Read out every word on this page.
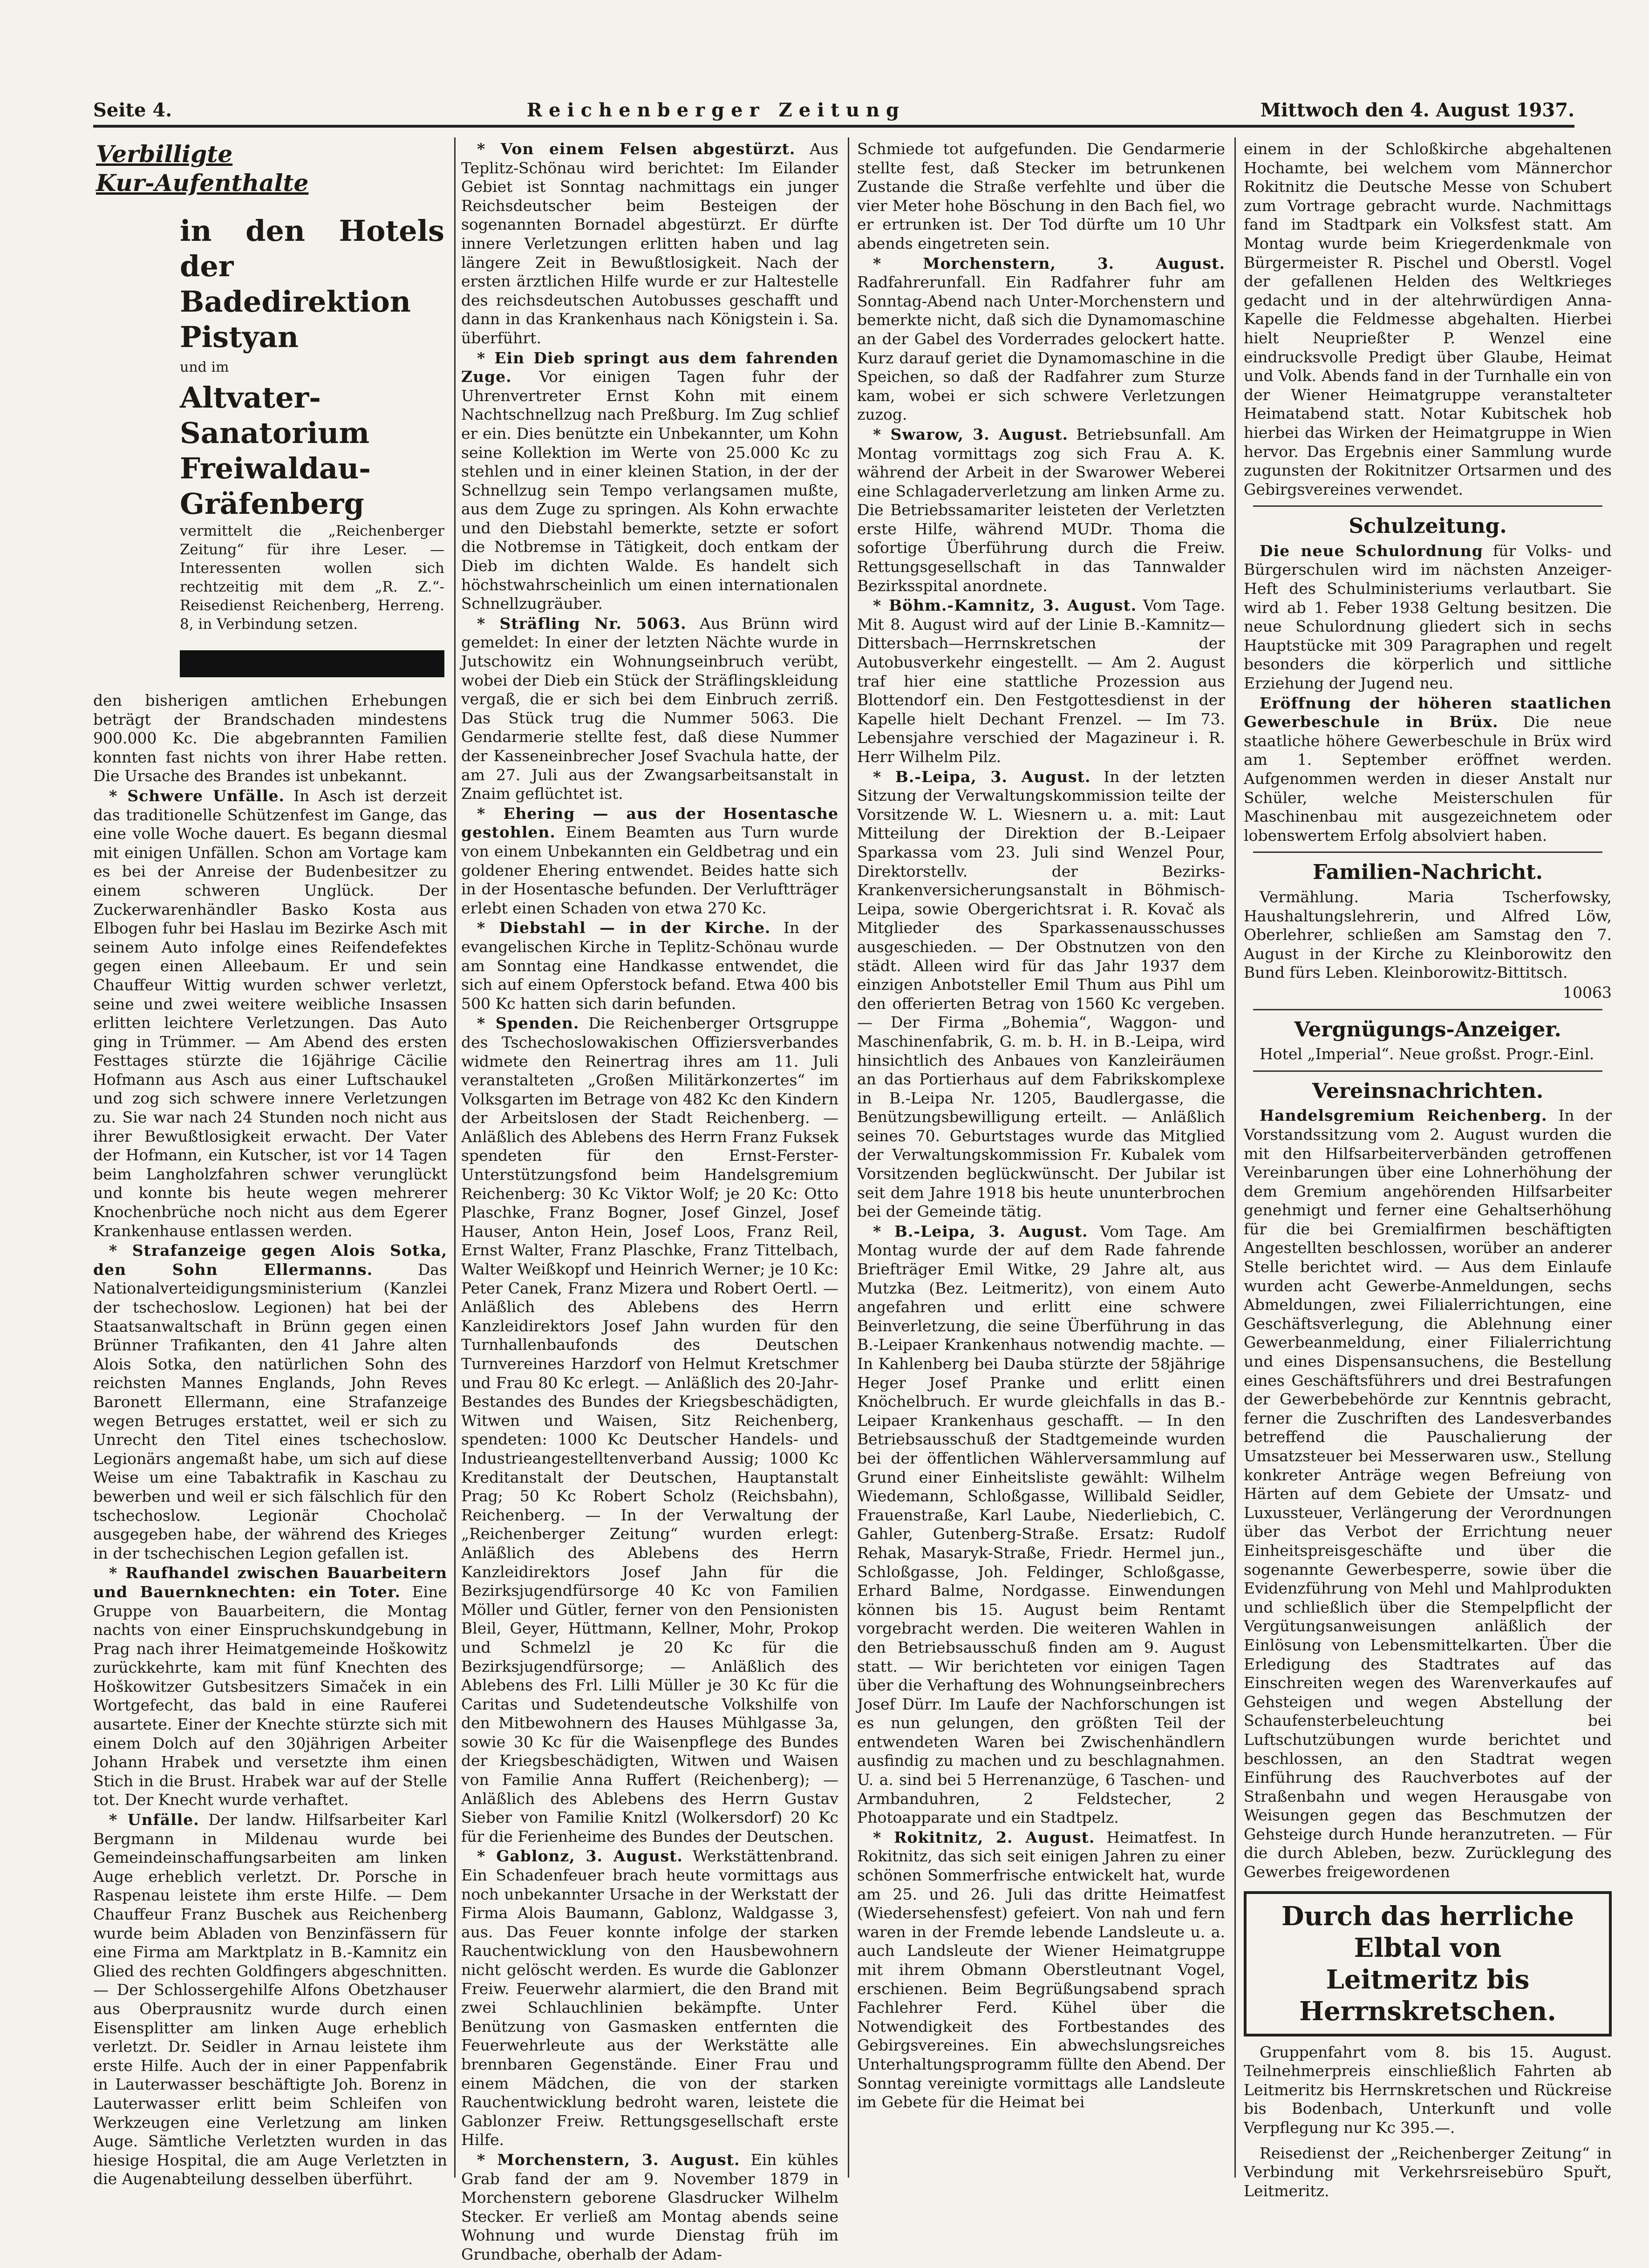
Seite 4.	Reichenberger Zeitung	Mittwoch den 4. August 1937.
Verbilligte
Kur-Aufenthalte
in den Hotels der
Badedirektion Pistyan
und im
Altvater-Sanatorium
Freiwaldau-Gräfenberg
vermittelt die „Reichenberger Zeitung“ für ihre Leser. — Interessenten wollen sich rechtzeitig mit dem „R. Z.“-Reisedienst Reichenberg, Herreng. 8, in Verbindung setzen.
den bisherigen amtlichen Erhebungen beträgt der Brandschaden mindestens 900.000 Kc. Die abgebrannten Familien konnten fast nichts von ihrer Habe retten. Die Ursache des Brandes ist unbekannt.
* Schwere Unfälle. In Asch ist derzeit das traditionelle Schützenfest im Gange, das eine volle Woche dauert. Es begann diesmal mit einigen Unfällen. Schon am Vortage kam es bei der Anreise der Budenbesitzer zu einem schweren Unglück. Der Zuckerwarenhändler Basko Kosta aus Elbogen fuhr bei Haslau im Bezirke Asch mit seinem Auto infolge eines Reifendefektes gegen einen Alleebaum. Er und sein Chauffeur Wittig wurden schwer verletzt, seine und zwei weitere weibliche Insassen erlitten leichtere Verletzungen. Das Auto ging in Trümmer. — Am Abend des ersten Festtages stürzte die 16jährige Cäcilie Hofmann aus Asch aus einer Luftschaukel und zog sich schwere innere Verletzungen zu. Sie war nach 24 Stunden noch nicht aus ihrer Bewußtlosigkeit erwacht. Der Vater der Hofmann, ein Kutscher, ist vor 14 Tagen beim Langholzfahren schwer verunglückt und konnte bis heute wegen mehrerer Knochenbrüche noch nicht aus dem Egerer Krankenhause entlassen werden.
* Strafanzeige gegen Alois Sotka, den Sohn Ellermanns.	Das Nationalverteidigungsministerium (Kanzlei der tschechoslow. Legionen) hat bei der Staatsanwaltschaft in Brünn gegen einen Brünner Trafikanten, den 41 Jahre alten Alois Sotka, den natürlichen Sohn des reichsten Mannes Englands, John Reves Baronett Ellermann, eine Strafanzeige wegen Betruges erstattet, weil er sich zu Unrecht den Titel eines tschechoslow. Legionärs angemaßt habe, um sich auf diese Weise um eine Tabaktrafik in Kaschau zu bewerben und weil er sich fälschlich für den tschechoslow. Legionär Chocholač ausgegeben habe, der während des Krieges in der tschechischen Legion gefallen ist.
* Raufhandel zwischen Bauarbeitern und Bauernknechten: ein Toter. Eine Gruppe von Bauarbeitern, die Montag nachts von einer Einspruchskundgebung in Prag nach ihrer Heimatgemeinde Hoškowitz zurückkehrte, kam mit fünf Knechten des Hoškowitzer Gutsbesitzers Simaček in ein Wortgefecht, das bald in eine Rauferei ausartete. Einer der Knechte stürzte sich mit einem Dolch auf den 30jährigen Arbeiter Johann Hrabek und versetzte ihm einen Stich in die Brust. Hrabek war auf der Stelle tot. Der Knecht wurde verhaftet.
* Unfälle. Der landw. Hilfsarbeiter Karl Bergmann in Mildenau wurde bei Gemeindeinschaffungsarbeiten am linken Auge erheblich verletzt. Dr. Porsche in Raspenau leistete ihm erste Hilfe. — Dem Chauffeur Franz Buschek aus Reichenberg wurde beim Abladen von Benzinfässern für eine Firma am Marktplatz in B.-Kamnitz ein Glied des rechten Goldfingers abgeschnitten. — Der Schlossergehilfe Alfons Obetzhauser aus Oberprausnitz wurde durch einen Eisensplitter am linken Auge erheblich verletzt. Dr. Seidler in Arnau leistete ihm erste Hilfe. Auch der in einer Pappenfabrik in Lauterwasser beschäftigte Joh. Borenz in Lauterwasser erlitt beim Schleifen von Werkzeugen eine Verletzung am linken Auge. Sämtliche Verletzten wurden in das hiesige Hospital, die am Auge Verletzten in die Augenabteilung desselben überführt.
* Von einem Felsen abgestürzt. Aus Teplitz-Schönau wird berichtet: Im Eilander Gebiet ist Sonntag nachmittags ein junger Reichsdeutscher beim Besteigen der sogenannten Bornadel abgestürzt. Er dürfte innere Verletzungen erlitten haben und lag längere Zeit in Bewußtlosigkeit. Nach der ersten ärztlichen Hilfe wurde er zur Haltestelle des reichsdeutschen Autobusses geschafft und dann in das Krankenhaus nach Königstein i. Sa. überführt.
* Ein Dieb springt aus dem fahrenden Zuge. Vor einigen Tagen fuhr der Uhrenvertreter Ernst Kohn mit einem Nachtschnellzug nach Preßburg. Im Zug schlief er ein. Dies benützte ein Unbekannter, um Kohn seine Kollektion im Werte von 25.000 Kc zu stehlen und in einer kleinen Station, in der der Schnellzug sein Tempo verlangsamen mußte, aus dem Zuge zu springen. Als Kohn erwachte und den Diebstahl bemerkte, setzte er sofort die Notbremse in Tätigkeit, doch entkam der Dieb im dichten Walde. Es handelt sich höchstwahrscheinlich um einen internationalen Schnellzugräuber.
* Sträfling Nr. 5063. Aus Brünn wird gemeldet: In einer der letzten Nächte wurde in Jutschowitz ein Wohnungseinbruch verübt, wobei der Dieb ein Stück der Sträflingskleidung vergaß, die er sich bei dem Einbruch zerriß. Das Stück trug die Nummer 5063. Die Gendarmerie stellte fest, daß diese Nummer der Kasseneinbrecher Josef Svachula hatte, der am 27. Juli aus der Zwangsarbeitsanstalt in Znaim geflüchtet ist.
* Ehering — aus der Hosentasche gestohlen. Einem Beamten aus Turn wurde von einem Unbekannten ein Geldbetrag und ein goldener Ehering entwendet. Beides hatte sich in der Hosentasche befunden. Der Verluftträger erlebt einen Schaden von etwa 270 Kc.
* Diebstahl — in der Kirche. In der evangelischen Kirche in Teplitz-Schönau wurde am Sonntag eine Handkasse entwendet, die sich auf einem Opferstock befand. Etwa 400 bis 500 Kc hatten sich darin befunden.
* Spenden. Die Reichenberger Ortsgruppe des Tschechoslowakischen Offiziersverbandes widmete den Reinertrag ihres am 11. Juli veranstalteten „Großen Militärkonzertes“ im Volksgarten im Betrage von 482 Kc den Kindern der Arbeitslosen der Stadt Reichenberg. — Anläßlich des Ablebens des Herrn Franz Fuksek spendeten für den Ernst-Ferster-Unterstützungsfond beim Handelsgremium Reichenberg: 30 Kc Viktor Wolf; je 20 Kc: Otto Plaschke, Franz Bogner, Josef Ginzel, Josef Hauser, Anton Hein, Josef Loos, Franz Reil, Ernst Walter, Franz Plaschke, Franz Tittelbach, Walter Weißkopf und Heinrich Werner; je 10 Kc: Peter Canek, Franz Mizera und Robert Oertl. — Anläßlich des Ablebens des Herrn Kanzleidirektors Josef Jahn wurden für den Turnhallenbaufonds des Deutschen Turnvereines Harzdorf von Helmut Kretschmer und Frau 80 Kc erlegt. — Anläßlich des 20-Jahr-Bestandes des Bundes der Kriegsbeschädigten, Witwen und Waisen, Sitz Reichenberg, spendeten: 1000 Kc Deutscher Handels- und Industrieangestelltenverband Aussig; 1000 Kc Kreditanstalt der Deutschen, Hauptanstalt Prag; 50 Kc Robert Scholz (Reichsbahn), Reichenberg. — In der Verwaltung der „Reichenberger Zeitung“ wurden erlegt: Anläßlich des Ablebens des Herrn Kanzleidirektors Josef Jahn für die Bezirksjugendfürsorge 40 Kc von Familien Möller und Gütler, ferner von den Pensionisten Bleil, Geyer, Hüttmann, Kellner, Mohr, Prokop und Schmelzl je 20 Kc für die Bezirksjugendfürsorge; — Anläßlich des Ablebens des Frl. Lilli Müller je 30 Kc für die Caritas und Sudetendeutsche Volkshilfe von den Mitbewohnern des Hauses Mühlgasse 3a, sowie 30 Kc für die Waisenpflege des Bundes der Kriegsbeschädigten, Witwen und Waisen von Familie Anna Ruffert (Reichenberg); — Anläßlich des Ablebens des Herrn Gustav Sieber von Familie Knitzl (Wolkersdorf) 20 Kc für die Ferienheime des Bundes der Deutschen.
* Gablonz, 3. August. Werkstättenbrand. Ein Schadenfeuer brach heute vormittags aus noch unbekannter Ursache in der Werkstatt der Firma Alois Baumann, Gablonz, Waldgasse 3, aus. Das Feuer konnte infolge der starken Rauchentwicklung von den Hausbewohnern nicht gelöscht werden. Es wurde die Gablonzer Freiw. Feuerwehr alarmiert, die den Brand mit zwei Schlauchlinien bekämpfte. Unter Benützung von Gasmasken entfernten die Feuerwehrleute aus der Werkstätte alle brennbaren Gegenstände. Einer Frau und einem Mädchen, die von der starken Rauchentwicklung bedroht waren, leistete die Gablonzer Freiw. Rettungsgesellschaft erste Hilfe.
* Morchenstern, 3. August. Ein kühles Grab fand der am 9. November 1879 in Morchenstern geborene Glasdrucker Wilhelm Stecker. Er verließ am Montag abends seine Wohnung und wurde Dienstag früh im Grundbache, oberhalb der Adam-
Schmiede tot aufgefunden. Die Gendarmerie stellte fest, daß Stecker im betrunkenen Zustande die Straße verfehlte und über die vier Meter hohe Böschung in den Bach fiel, wo er ertrunken ist. Der Tod dürfte um 10 Uhr abends eingetreten sein.
* Morchenstern, 3. August. Radfahrerunfall. Ein Radfahrer fuhr am Sonntag-Abend nach Unter-Morchenstern und bemerkte nicht, daß sich die Dynamomaschine an der Gabel des Vorderrades gelockert hatte. Kurz darauf geriet die Dynamomaschine in die Speichen, so daß der Radfahrer zum Sturze kam, wobei er sich schwere Verletzungen zuzog.
* Swarow, 3. August. Betriebsunfall. Am Montag vormittags zog sich Frau A. K. während der Arbeit in der Swarower Weberei eine Schlagaderverletzung am linken Arme zu. Die Betriebssamariter leisteten der Verletzten erste Hilfe, während MUDr. Thoma die sofortige Überführung durch die Freiw. Rettungsgesellschaft in das Tannwalder Bezirksspital anordnete.
* Böhm.-Kamnitz, 3. August. Vom Tage. Mit 8. August wird auf der Linie B.-Kamnitz—Dittersbach—Herrnskretschen der Autobusverkehr eingestellt. — Am 2. August traf hier eine stattliche Prozession aus Blottendorf ein. Den Festgottesdienst in der Kapelle hielt Dechant Frenzel. — Im 73. Lebensjahre verschied der Magazineur i. R. Herr Wilhelm Pilz.
* B.-Leipa, 3. August. In der letzten Sitzung der Verwaltungskommission teilte der Vorsitzende W. L. Wiesnern u. a. mit: Laut Mitteilung der Direktion der B.-Leipaer Sparkassa vom 23. Juli sind Wenzel Pour, Direktorstellv. der Bezirks-Krankenversicherungsanstalt in Böhmisch-Leipa, sowie Obergerichtsrat i. R. Kovač als Mitglieder des Sparkassenausschusses ausgeschieden. — Der Obstnutzen von den städt. Alleen wird für das Jahr 1937 dem einzigen Anbotsteller Emil Thum aus Pihl um den offerierten Betrag von 1560 Kc vergeben. — Der Firma „Bohemia“, Waggon- und Maschinenfabrik, G. m. b. H. in B.-Leipa, wird hinsichtlich des Anbaues von Kanzleiräumen an das Portierhaus auf dem Fabrikskomplexe in B.-Leipa Nr. 1205, Baudlergasse, die Benützungsbewilligung erteilt. — Anläßlich seines 70. Geburtstages wurde das Mitglied der Verwaltungskommission Fr. Kubalek vom Vorsitzenden beglückwünscht. Der Jubilar ist seit dem Jahre 1918 bis heute ununterbrochen bei der Gemeinde tätig.
* B.-Leipa, 3. August. Vom Tage. Am Montag wurde der auf dem Rade fahrende Briefträger Emil Witke, 29 Jahre alt, aus Mutzka (Bez. Leitmeritz), von einem Auto angefahren und erlitt eine schwere Beinverletzung, die seine Überführung in das B.-Leipaer Krankenhaus notwendig machte. — In Kahlenberg bei Dauba stürzte der 58jährige Heger Josef Pranke und erlitt einen Knöchelbruch. Er wurde gleichfalls in das B.-Leipaer Krankenhaus geschafft. — In den Betriebsausschuß der Stadtgemeinde wurden bei der öffentlichen Wählerversammlung auf Grund einer Einheitsliste gewählt: Wilhelm Wiedemann, Schloßgasse, Willibald Seidler, Frauenstraße, Karl Laube, Niederliebich, C. Gahler, Gutenberg-Straße. Ersatz: Rudolf Rehak, Masaryk-Straße, Friedr. Hermel jun., Schloßgasse, Joh. Feldinger, Schloßgasse, Erhard Balme, Nordgasse. Einwendungen können bis 15. August beim Rentamt vorgebracht werden. Die weiteren Wahlen in den Betriebsausschuß finden am 9. August statt. — Wir berichteten vor einigen Tagen über die Verhaftung des Wohnungseinbrechers Josef Dürr. Im Laufe der Nachforschungen ist es nun gelungen, den größten Teil der entwendeten Waren bei Zwischenhändlern ausfindig zu machen und zu beschlagnahmen. U. a. sind bei 5 Herrenanzüge, 6 Taschen- und Armbanduhren, 2 Feldstecher, 2 Photoapparate und ein Stadtpelz.
* Rokitnitz, 2. August. Heimatfest. In Rokitnitz, das sich seit einigen Jahren zu einer schönen Sommerfrische entwickelt hat, wurde am 25. und 26. Juli das dritte Heimatfest (Wiedersehensfest) gefeiert. Von nah und fern waren in der Fremde lebende Landsleute u. a. auch Landsleute der Wiener Heimatgruppe mit ihrem Obmann Oberstleutnant Vogel, erschienen. Beim Begrüßungsabend sprach Fachlehrer Ferd. Kühel über die Notwendigkeit des Fortbestandes des Gebirgsvereines. Ein abwechslungsreiches Unterhaltungsprogramm füllte den Abend. Der Sonntag vereinigte vormittags alle Landsleute im Gebete für die Heimat bei
einem in der Schloßkirche abgehaltenen Hochamte, bei welchem vom Männerchor Rokitnitz die Deutsche Messe von Schubert zum Vortrage gebracht wurde. Nachmittags fand im Stadtpark ein Volksfest statt. Am Montag wurde beim Kriegerdenkmale von Bürgermeister R. Pischel und Oberstl. Vogel der gefallenen Helden des Weltkrieges gedacht und in der altehrwürdigen Anna-Kapelle die Feldmesse abgehalten. Hierbei hielt Neuprießter P. Wenzel eine eindrucksvolle Predigt über Glaube, Heimat und Volk. Abends fand in der Turnhalle ein von der Wiener Heimatgruppe veranstalteter Heimatabend statt. Notar Kubitschek hob hierbei das Wirken der Heimatgruppe in Wien hervor. Das Ergebnis einer Sammlung wurde zugunsten der Rokitnitzer Ortsarmen und des Gebirgsvereines verwendet.
Schulzeitung.
Die neue Schulordnung für Volks- und Bürgerschulen wird im nächsten Anzeiger-Heft des Schulministeriums verlautbart. Sie wird ab 1. Feber 1938 Geltung besitzen. Die neue Schulordnung gliedert sich in sechs Hauptstücke mit 309 Paragraphen und regelt besonders die körperlich und sittliche Erziehung der Jugend neu.
Eröffnung der höheren staatlichen Gewerbeschule in Brüx. Die neue staatliche höhere Gewerbeschule in Brüx wird am 1. September eröffnet werden. Aufgenommen werden in dieser Anstalt nur Schüler, welche Meisterschulen für Maschinenbau mit ausgezeichnetem oder lobenswertem Erfolg absolviert haben.
Familien-Nachricht.
Vermählung. Maria Tscherfowsky, Haushaltungslehrerin, und Alfred Löw, Oberlehrer, schließen am Samstag den 7. August in der Kirche zu Kleinborowitz den Bund fürs Leben. Kleinborowitz-Bittitsch.
10063
Vergnügungs-Anzeiger.
Hotel „Imperial“. Neue großst. Progr.-Einl.
Vereinsnachrichten.
Handelsgremium Reichenberg. In der Vorstandssitzung vom 2. August wurden die mit den Hilfsarbeiterverbänden getroffenen Vereinbarungen über eine Lohnerhöhung der dem Gremium angehörenden Hilfsarbeiter genehmigt und ferner eine Gehaltserhöhung für die bei Gremialfirmen beschäftigten Angestellten beschlossen, worüber an anderer Stelle berichtet wird. — Aus dem Einlaufe wurden acht Gewerbe-Anmeldungen, sechs Abmeldungen, zwei Filialerrichtungen, eine Geschäftsverlegung, die Ablehnung einer Gewerbeanmeldung, einer Filialerrichtung und eines Dispensansuchens, die Bestellung eines Geschäftsführers und drei Bestrafungen der Gewerbebehörde zur Kenntnis gebracht, ferner die Zuschriften des Landesverbandes betreffend die Pauschalierung der Umsatzsteuer bei Messerwaren usw., Stellung konkreter Anträge wegen Befreiung von Härten auf dem Gebiete der Umsatz- und Luxussteuer, Verlängerung der Verordnungen über das Verbot der Errichtung neuer Einheitspreisgeschäfte und über die sogenannte Gewerbesperre, sowie über die Evidenzführung von Mehl und Mahlprodukten und schließlich über die Stempelpflicht der Vergütungsanweisungen anläßlich der Einlösung von Lebensmittelkarten. Über die Erledigung des Stadtrates auf das Einschreiten wegen des Warenverkaufes auf Gehsteigen und wegen Abstellung der Schaufensterbeleuchtung bei Luftschutzübungen wurde berichtet und beschlossen, an den Stadtrat wegen Einführung des Rauchverbotes auf der Straßenbahn und wegen Herausgabe von Weisungen gegen das Beschmutzen der Gehsteige durch Hunde heranzutreten. — Für die durch Ableben, bezw. Zurücklegung des Gewerbes freigewordenen
Durch das herrliche Elbtal von
Leitmeritz bis Herrnskretschen.
Gruppenfahrt vom 8. bis 15. August. Teilnehmerpreis einschließlich Fahrten ab Leitmeritz bis Herrnskretschen und Rückreise bis Bodenbach, Unterkunft und volle Verpflegung nur Kc 395.—.
Reisedienst der „Reichenberger Zeitung“ in Verbindung mit Verkehrsreisebüro Spuřt, Leitmeritz.
